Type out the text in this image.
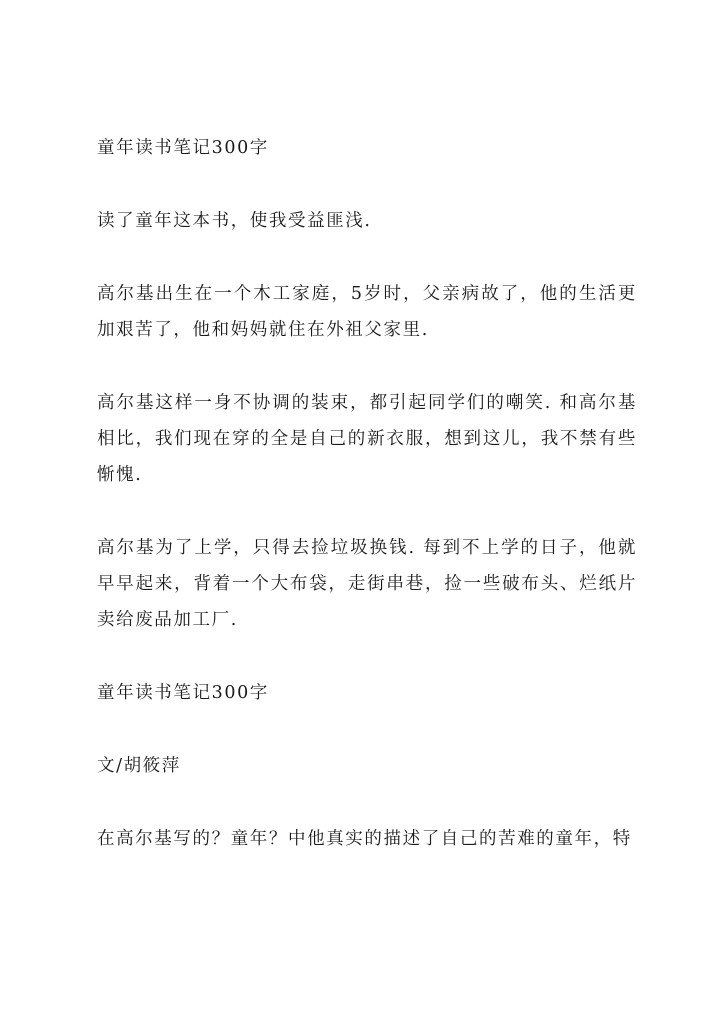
童年读书笔记300字

读了童年这本书，使我受益匪浅.

高尔基出生在一个木工家庭，5岁时，父亲病故了，他的生活更加艰苦了，他和妈妈就住在外祖父家里.

高尔基这样一身不协调的装束，都引起同学们的嘲笑. 和高尔基相比，我们现在穿的全是自己的新衣服，想到这儿，我不禁有些惭愧.

高尔基为了上学，只得去捡垃圾换钱. 每到不上学的日子，他就早早起来，背着一个大布袋，走街串巷，捡一些破布头、烂纸片卖给废品加工厂.

童年读书笔记300字

文/胡筱萍

在高尔基写的？童年？中他真实的描述了自己的苦难的童年，特
